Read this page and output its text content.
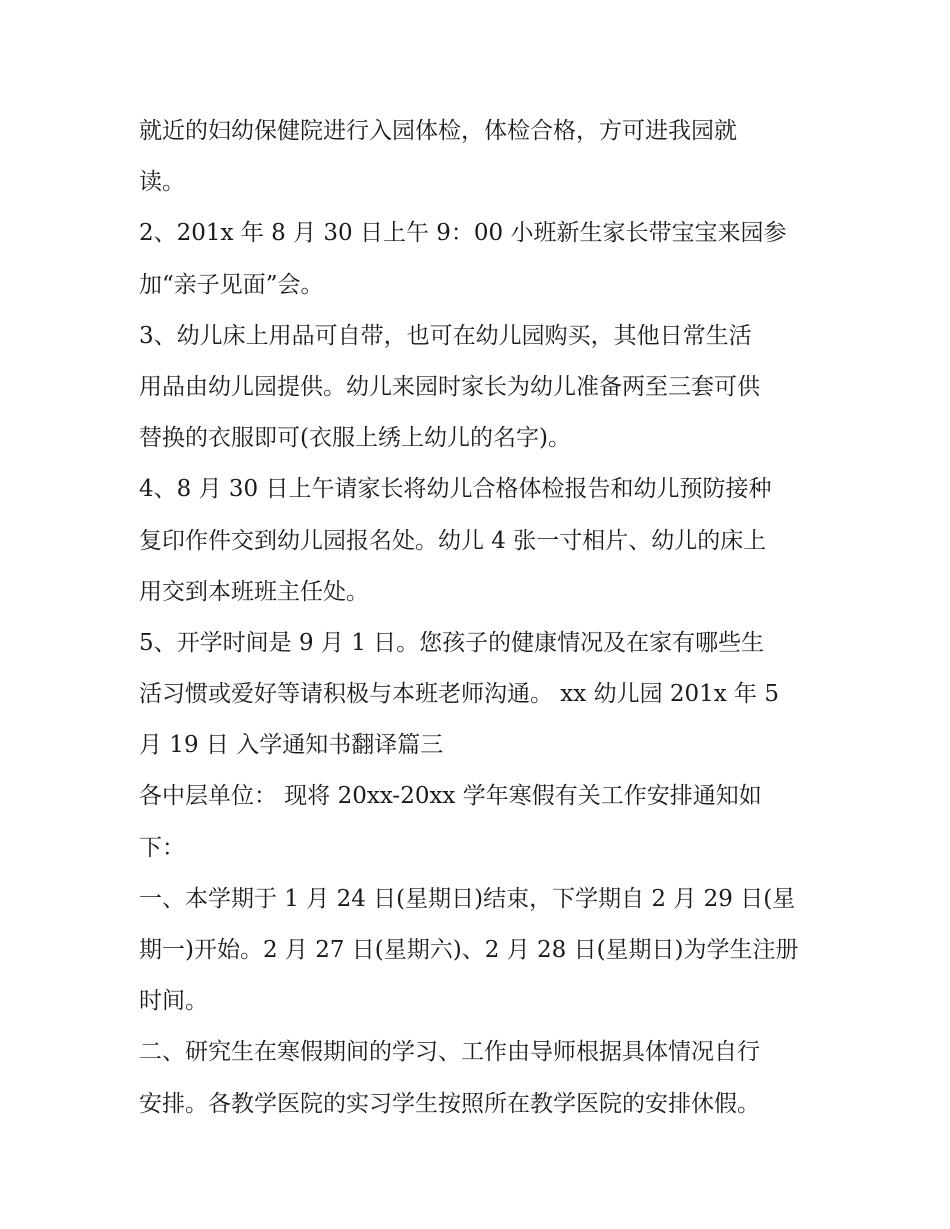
就近的妇幼保健院进行入园体检，体检合格，方可进我园就
读。
2、201x 年 8 月 30 日上午 9：00 小班新生家长带宝宝来园参
加“亲子见面”会。
3、幼儿床上用品可自带，也可在幼儿园购买，其他日常生活
用品由幼儿园提供。幼儿来园时家长为幼儿准备两至三套可供
替换的衣服即可(衣服上绣上幼儿的名字)。
4、8 月 30 日上午请家长将幼儿合格体检报告和幼儿预防接种
复印作件交到幼儿园报名处。幼儿 4 张一寸相片、幼儿的床上
用交到本班班主任处。
5、开学时间是 9 月 1 日。您孩子的健康情况及在家有哪些生
活习惯或爱好等请积极与本班老师沟通。 xx 幼儿园 201x 年 5
月 19 日 入学通知书翻译篇三
各中层单位： 现将 20xx-20xx 学年寒假有关工作安排通知如
下：
一、本学期于 1 月 24 日(星期日)结束，下学期自 2 月 29 日(星
期一)开始。2 月 27 日(星期六)、2 月 28 日(星期日)为学生注册
时间。
二、研究生在寒假期间的学习、工作由导师根据具体情况自行
安排。各教学医院的实习学生按照所在教学医院的安排休假。
